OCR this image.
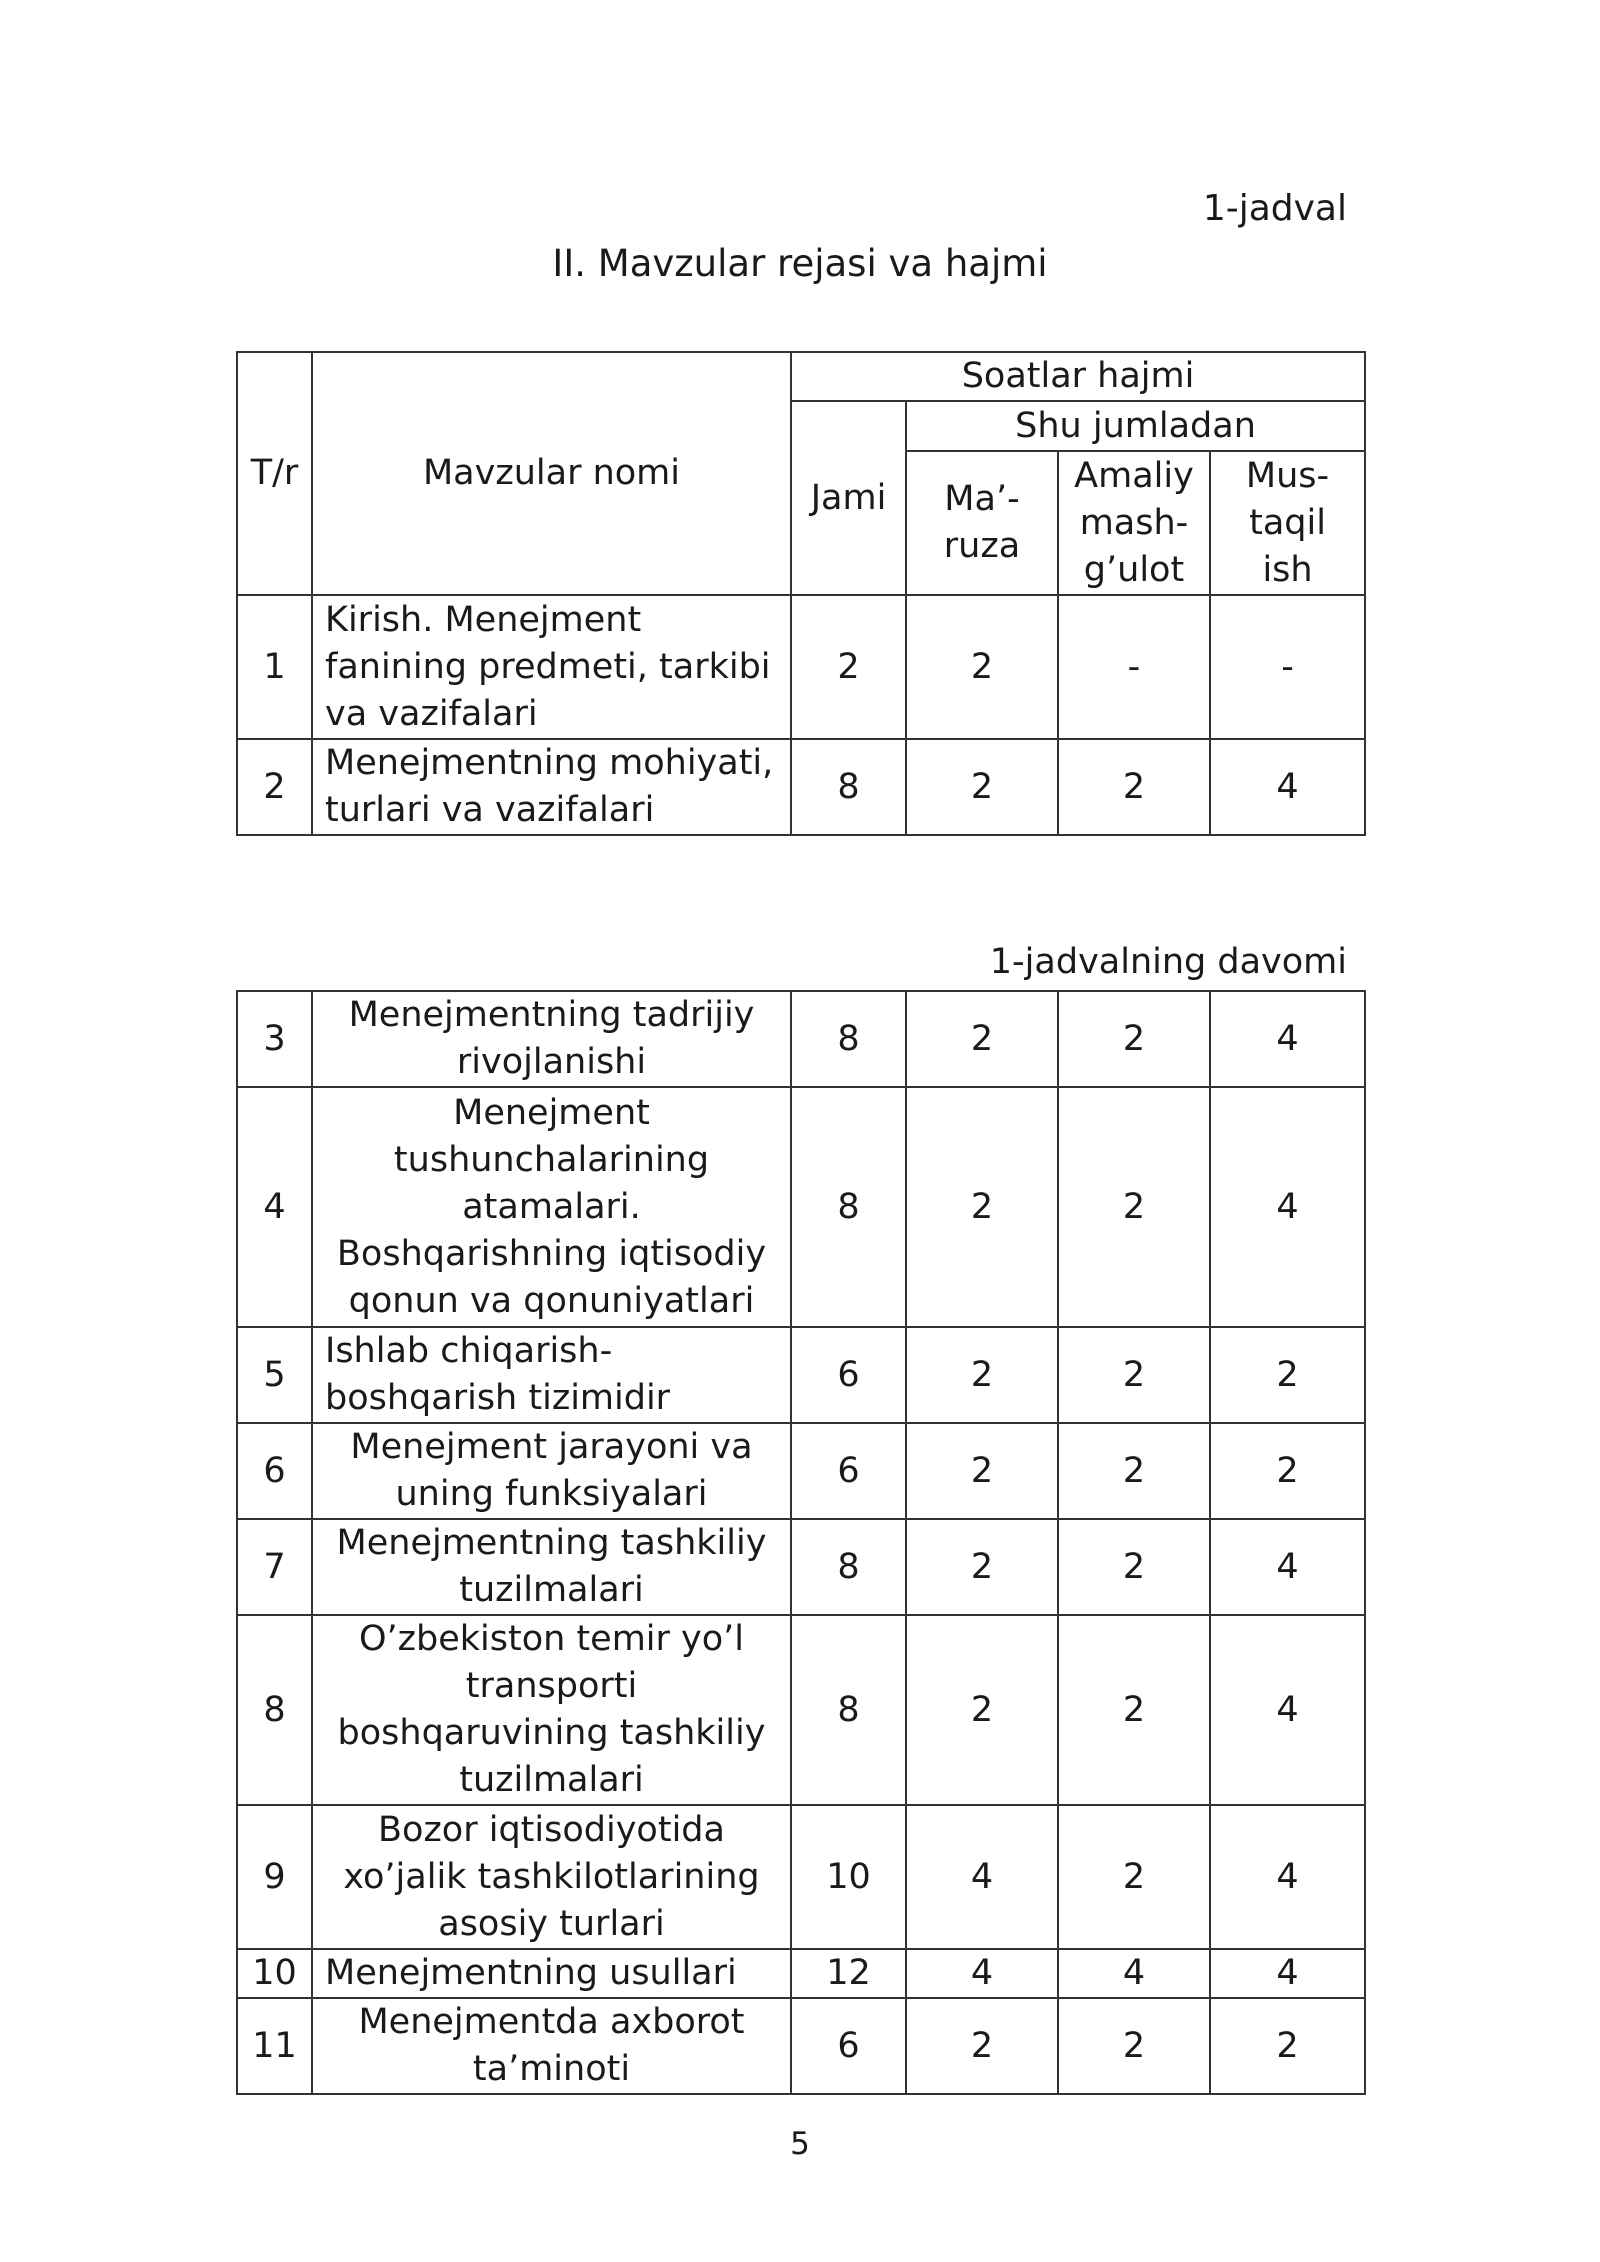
1-jadval
II. Mavzular rejasi va hajmi
T/r	Mavzular nomi	Soatlar hajmi			
		Jami	Shu jumladan		
			Ma’-ruza	Amaliy mash-g’ulot	Mus-taqil ish
1	Kirish. Menejment fanining predmeti, tarkibi va vazifalari	2	2	-	-
2	Menejmentning mohiyati, turlari va vazifalari	8	2	2	4
1-jadvalning davomi
3	Menejmentning tadrijiy rivojlanishi	8	2	2	4
4	Menejment tushunchalarining atamalari. Boshqarishning iqtisodiy qonun va qonuniyatlari	8	2	2	4
5	Ishlab chiqarish-boshqarish tizimidir	6	2	2	2
6	Menejment jarayoni va uning funksiyalari	6	2	2	2
7	Menejmentning tashkiliy tuzilmalari	8	2	2	4
8	O’zbekiston temir yo’l transporti boshqaruvining tashkiliy tuzilmalari	8	2	2	4
9	Bozor iqtisodiyotida xo’jalik tashkilotlarining asosiy turlari	10	4	2	4
10	Menejmentning usullari	12	4	4	4
11	Menejmentda axborot ta’minoti	6	2	2	2
5
